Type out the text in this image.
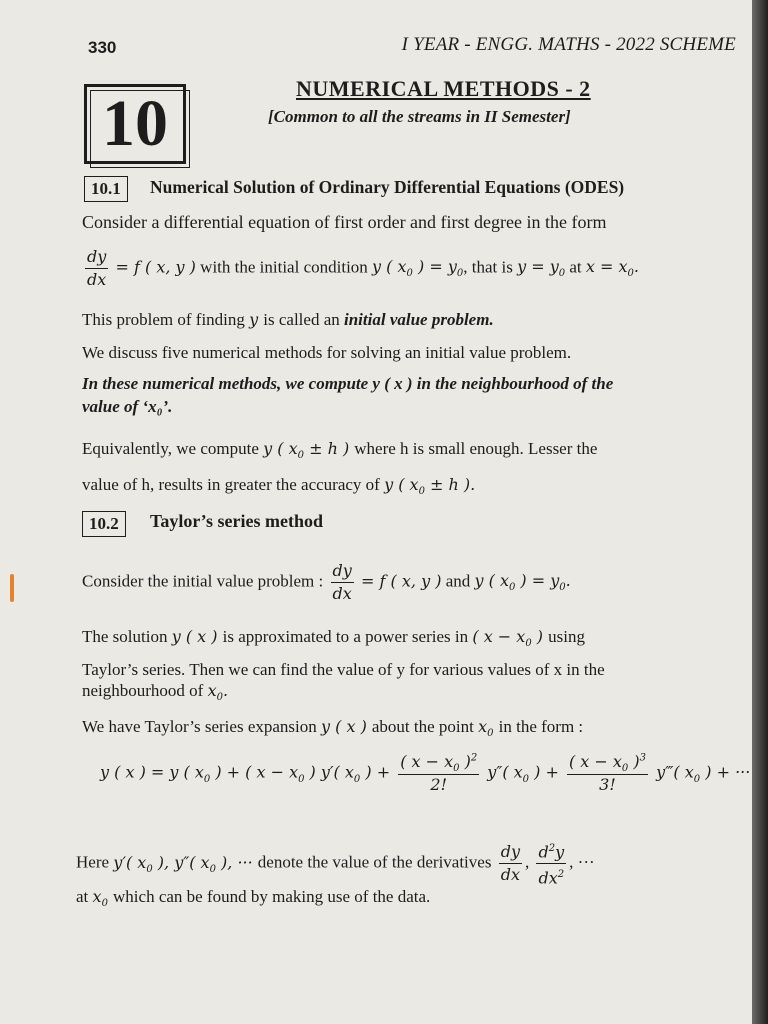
330	I YEAR - ENGG. MATHS - 2022 SCHEME
10	NUMERICAL METHODS - 2
[Common to all the streams in II Semester]
10.1	Numerical Solution of Ordinary Differential Equations (ODES)
Consider a differential equation of first order and first degree in the form
$\frac{dy}{dx} = f$ ( x, y ) with the initial condition y ( $x_0$ ) = $y_0$, that is $y = y_0$ at $x = x_0$.
This problem of finding y is called an initial value problem.
We discuss five numerical methods for solving an initial value problem.
In these numerical methods, we compute y ( x ) in the neighbourhood of the
value of ‘x₀’.
Equivalently, we compute y ( $x_0 \pm h$ ) where h is small enough. Lesser the
value of h, results in greater the accuracy of y ( $x_0 \pm h$ ).
10.2	Taylor’s series method
Consider the initial value problem : $\frac{dy}{dx} = f$ ( x, y ) and y ( $x_0$ ) = $y_0$.
The solution y ( x ) is approximated to a power series in ( $x - x_0$ ) using
Taylor’s series. Then we can find the value of y for various values of x in the
neighbourhood of $x_0$.
We have Taylor’s series expansion y ( x ) about the point $x_0$ in the form :
y ( x ) = y ( $x_0$ ) + ( $x - x_0$ ) y′( $x_0$ ) + $\frac{( x - x_0 )^2}{2!} y''$( $x_0$ ) + $\frac{( x - x_0 )^3}{3!}$ y‴( $x_0$ ) + ···
Here y′( $x_0$ ), y″( $x_0$ ), ··· denote the value of the derivatives $\frac{dy}{dx}$ , $\frac{d^2y}{dx^2}$ , ···
at $x_0$ which can be found by making use of the data.
